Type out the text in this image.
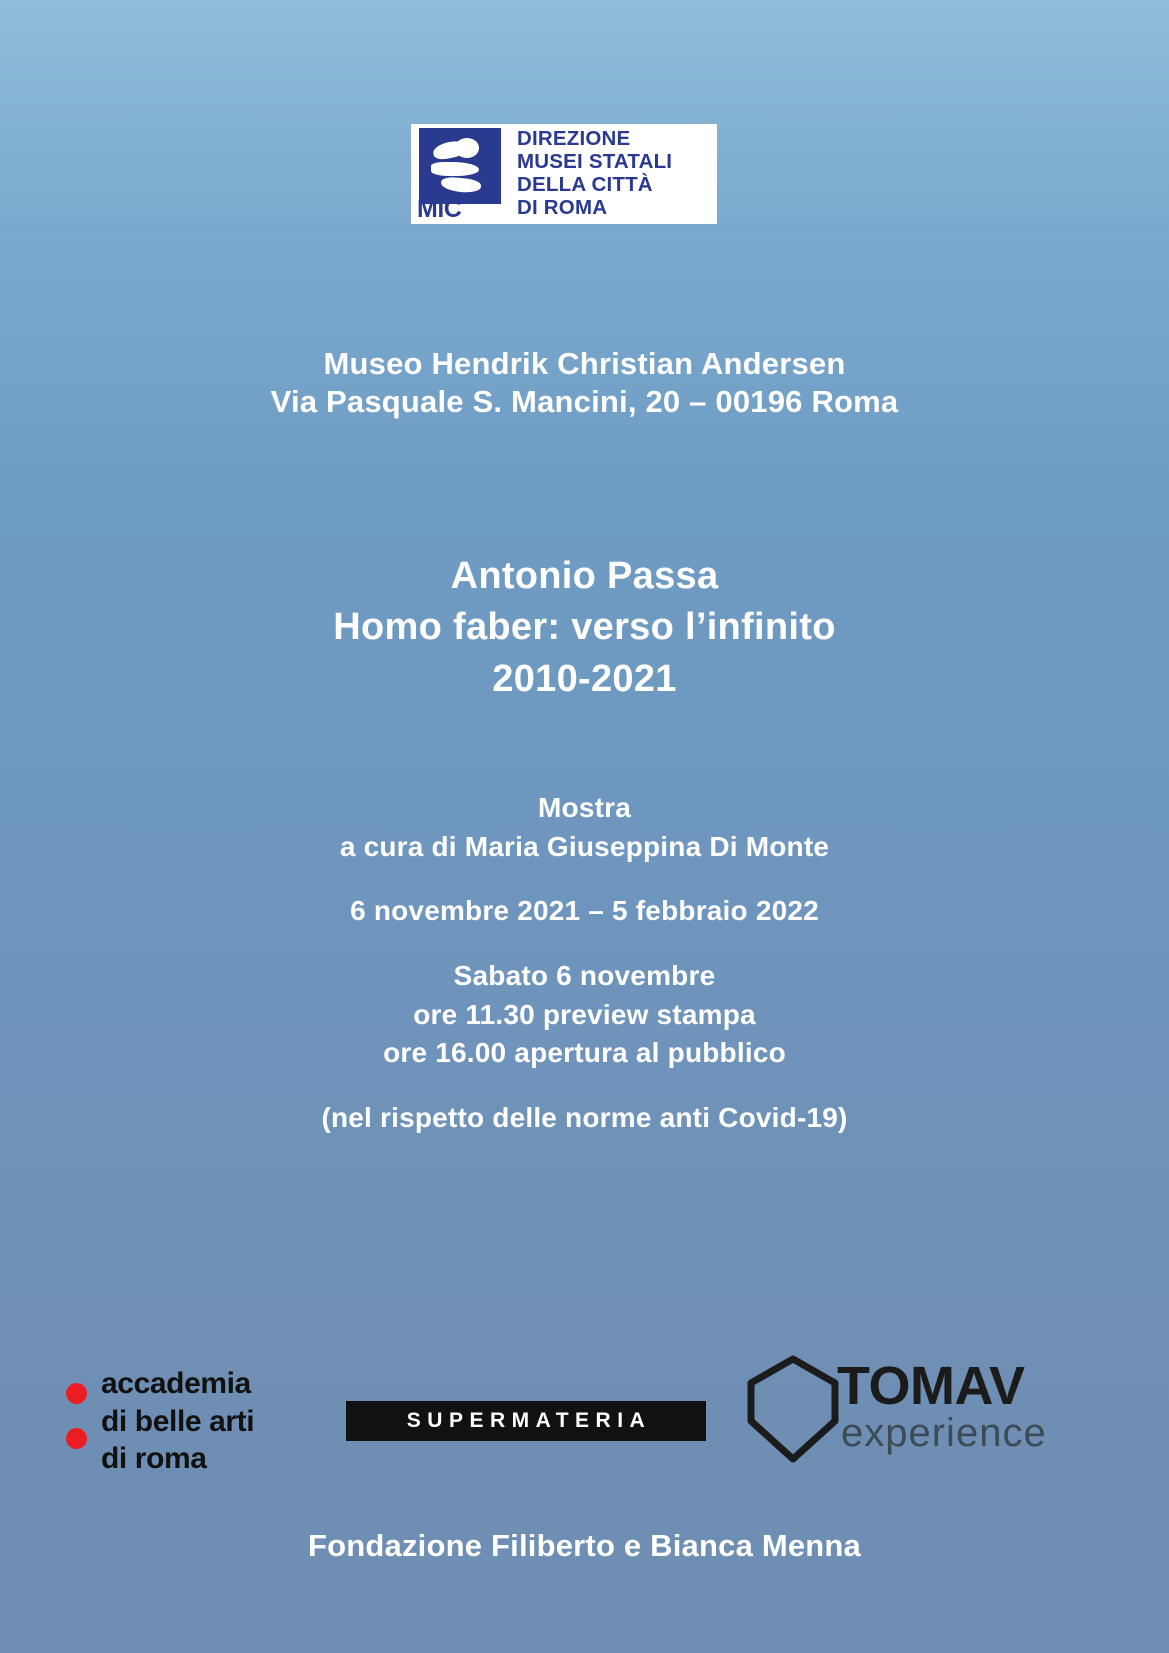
MiC
DIREZIONE
MUSEI STATALI
DELLA CITTÀ
DI ROMA
Museo Hendrik Christian Andersen
Via Pasquale S. Mancini, 20 – 00196 Roma
Antonio Passa
Homo faber: verso l’infinito
2010-2021
Mostra
a cura di Maria Giuseppina Di Monte
6 novembre 2021 – 5 febbraio 2022
Sabato 6 novembre
ore 11.30 preview stampa
ore 16.00 apertura al pubblico
(nel rispetto delle norme anti Covid-19)
accademia
di belle arti
di roma
SUPERMATERIA
TOMAV
experience
Fondazione Filiberto e Bianca Menna
